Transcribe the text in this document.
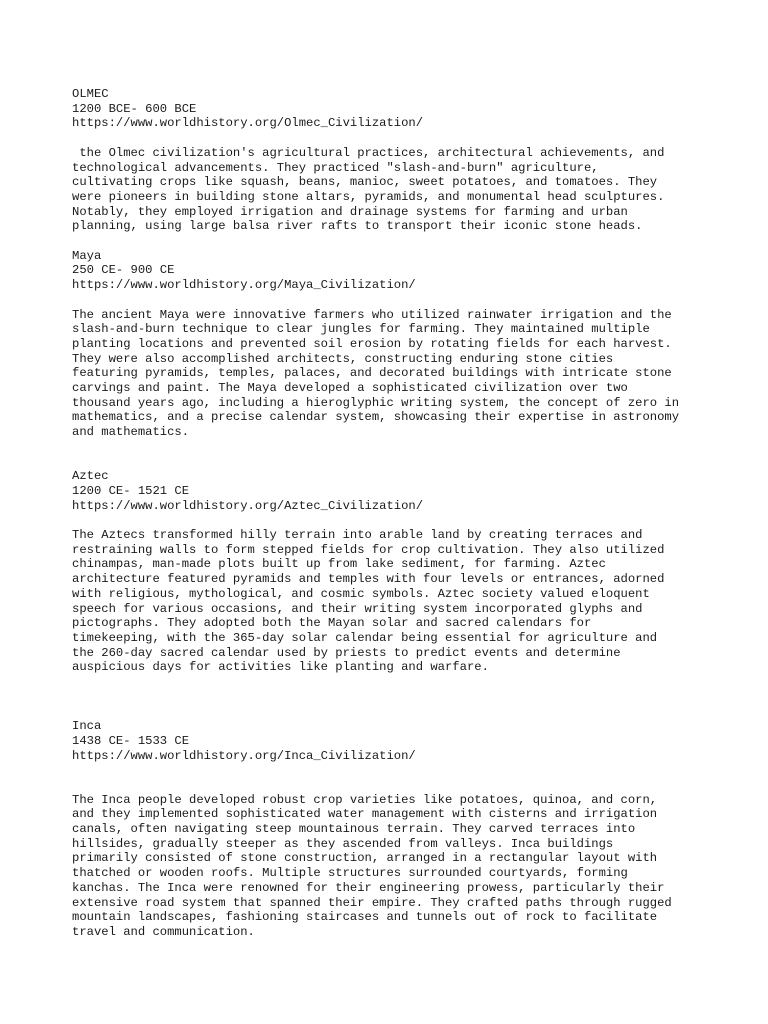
OLMEC
1200 BCE- 600 BCE
https://www.worldhistory.org/Olmec_Civilization/
the Olmec civilization's agricultural practices, architectural achievements, and
technological advancements. They practiced "slash-and-burn" agriculture,
cultivating crops like squash, beans, manioc, sweet potatoes, and tomatoes. They
were pioneers in building stone altars, pyramids, and monumental head sculptures.
Notably, they employed irrigation and drainage systems for farming and urban
planning, using large balsa river rafts to transport their iconic stone heads.
Maya
250 CE- 900 CE
https://www.worldhistory.org/Maya_Civilization/
The ancient Maya were innovative farmers who utilized rainwater irrigation and the
slash-and-burn technique to clear jungles for farming. They maintained multiple
planting locations and prevented soil erosion by rotating fields for each harvest.
They were also accomplished architects, constructing enduring stone cities
featuring pyramids, temples, palaces, and decorated buildings with intricate stone
carvings and paint. The Maya developed a sophisticated civilization over two
thousand years ago, including a hieroglyphic writing system, the concept of zero in
mathematics, and a precise calendar system, showcasing their expertise in astronomy
and mathematics.
Aztec
1200 CE- 1521 CE
https://www.worldhistory.org/Aztec_Civilization/
The Aztecs transformed hilly terrain into arable land by creating terraces and
restraining walls to form stepped fields for crop cultivation. They also utilized
chinampas, man-made plots built up from lake sediment, for farming. Aztec
architecture featured pyramids and temples with four levels or entrances, adorned
with religious, mythological, and cosmic symbols. Aztec society valued eloquent
speech for various occasions, and their writing system incorporated glyphs and
pictographs. They adopted both the Mayan solar and sacred calendars for
timekeeping, with the 365-day solar calendar being essential for agriculture and
the 260-day sacred calendar used by priests to predict events and determine
auspicious days for activities like planting and warfare.
Inca
1438 CE- 1533 CE
https://www.worldhistory.org/Inca_Civilization/
The Inca people developed robust crop varieties like potatoes, quinoa, and corn,
and they implemented sophisticated water management with cisterns and irrigation
canals, often navigating steep mountainous terrain. They carved terraces into
hillsides, gradually steeper as they ascended from valleys. Inca buildings
primarily consisted of stone construction, arranged in a rectangular layout with
thatched or wooden roofs. Multiple structures surrounded courtyards, forming
kanchas. The Inca were renowned for their engineering prowess, particularly their
extensive road system that spanned their empire. They crafted paths through rugged
mountain landscapes, fashioning staircases and tunnels out of rock to facilitate
travel and communication.
